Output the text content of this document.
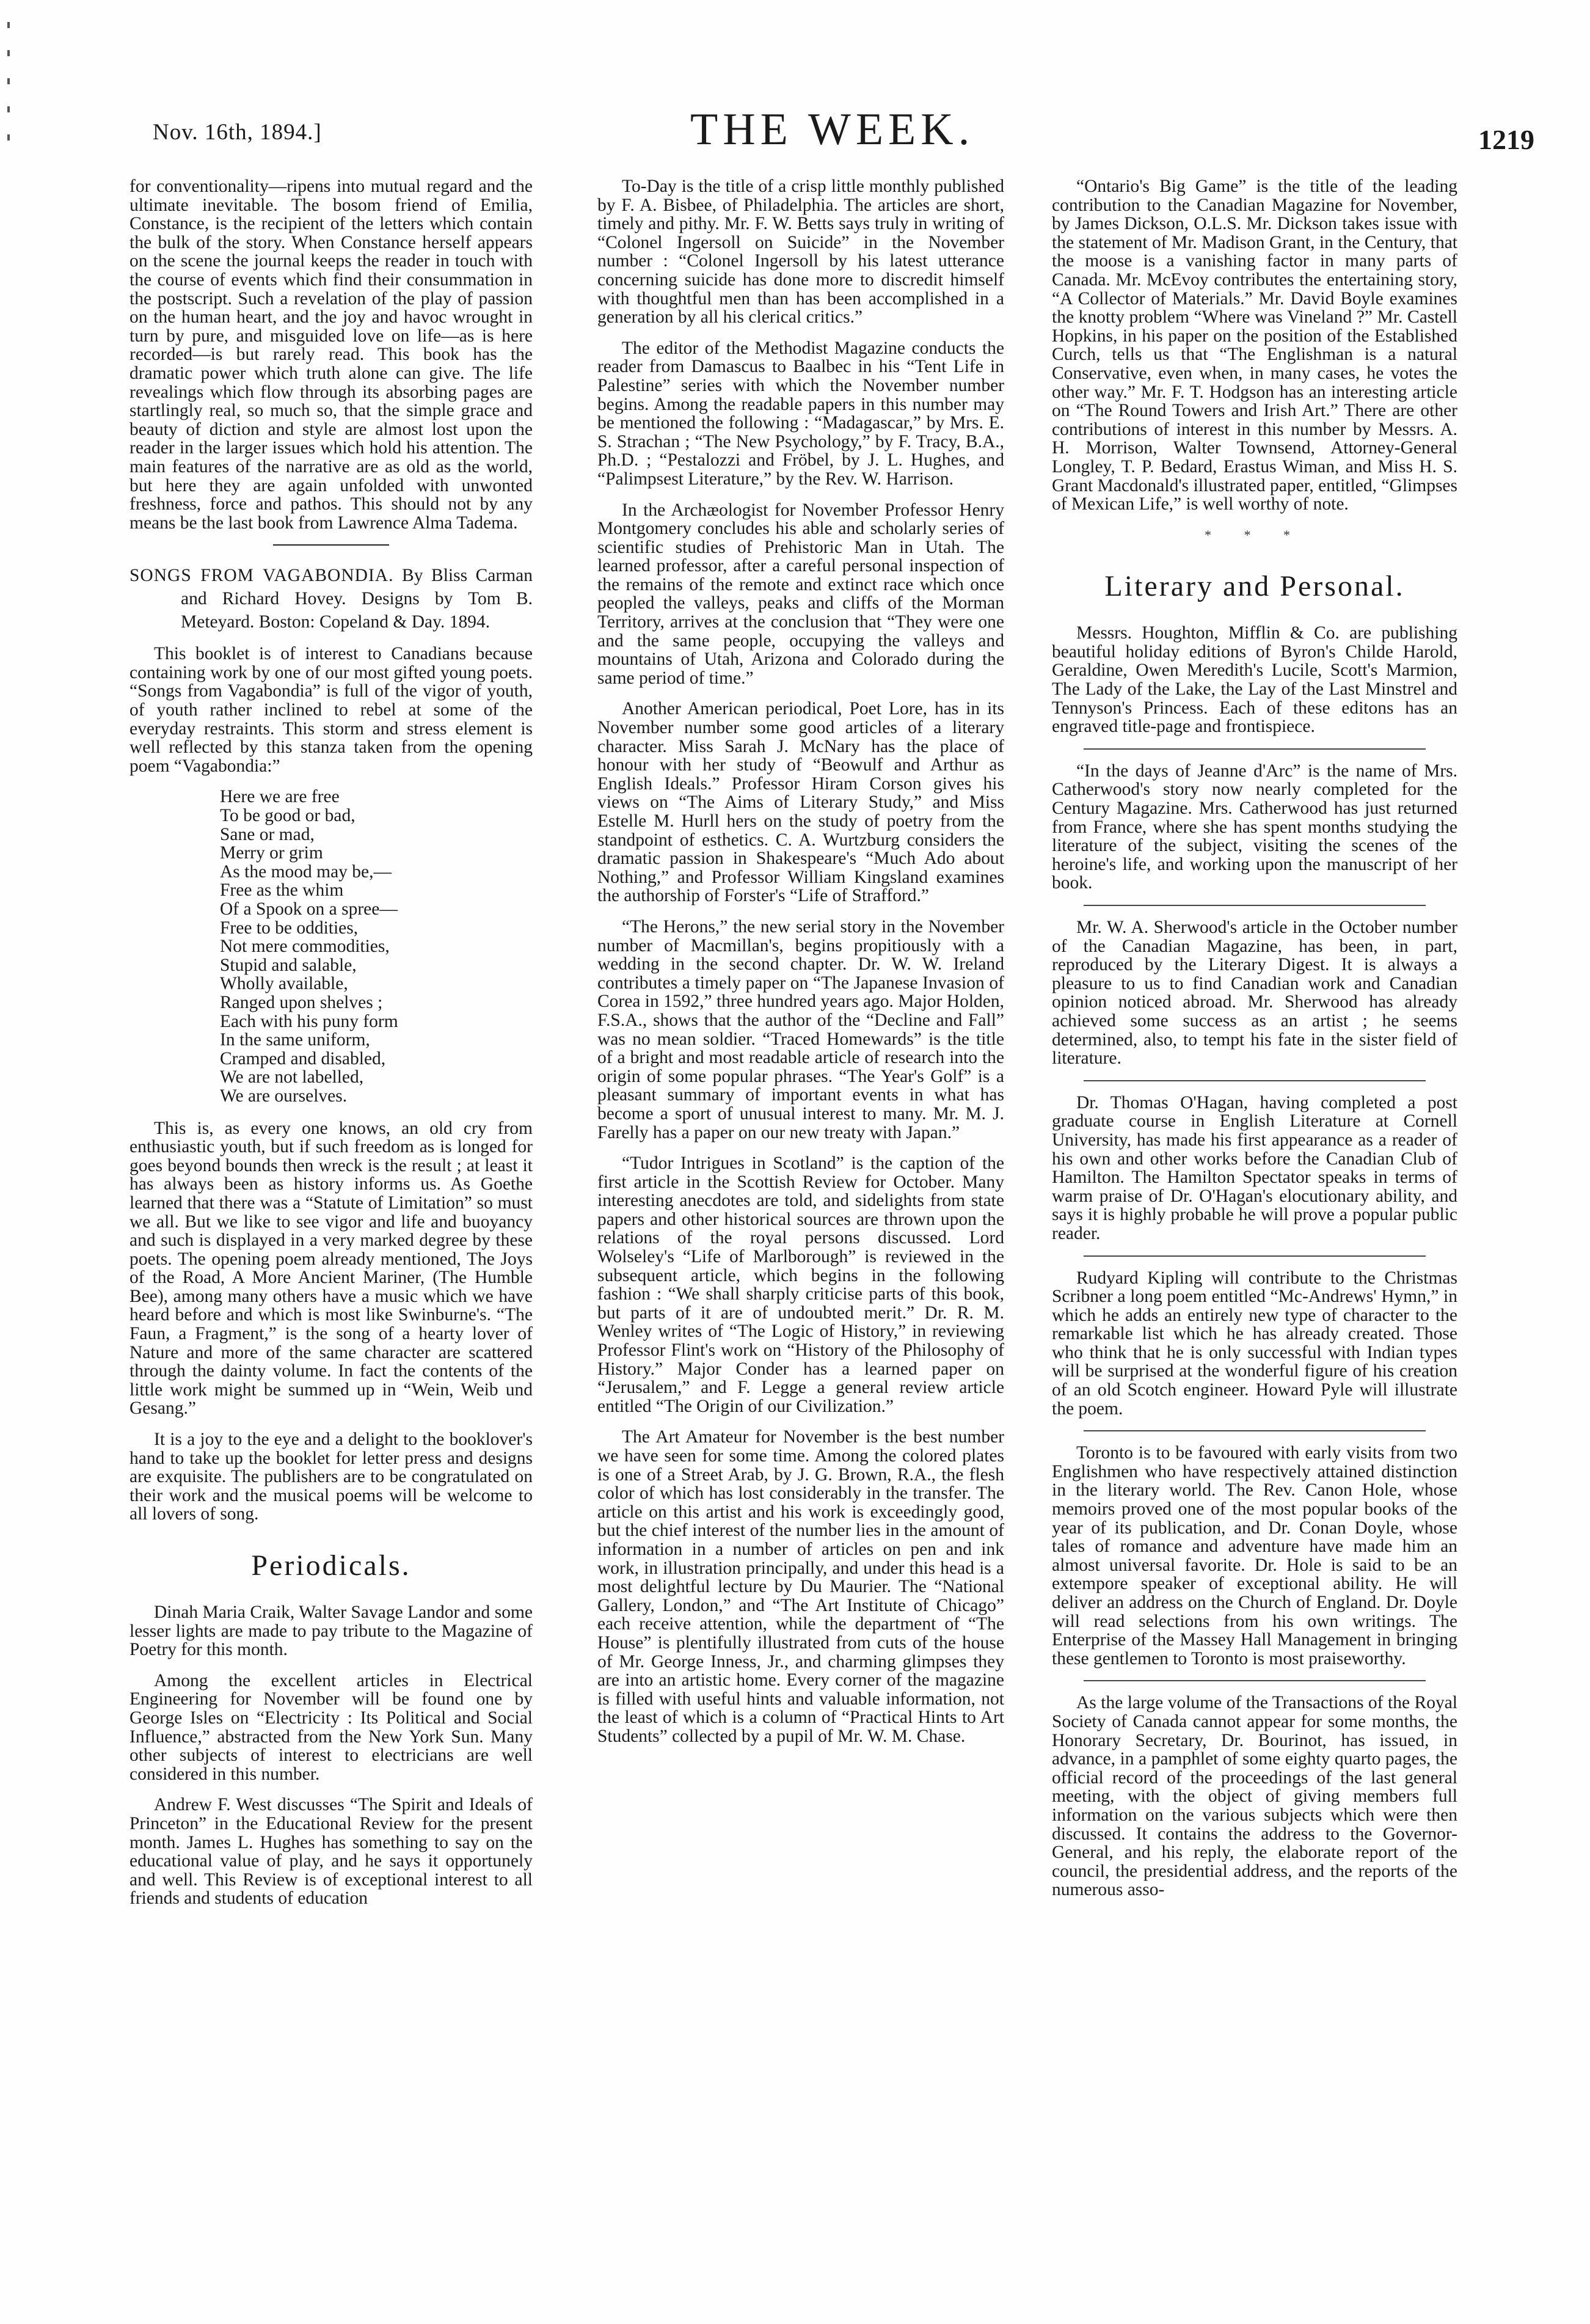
Nov. 16th, 1894.]	THE WEEK.	1219

for conventionality—ripens into mutual regard and the ultimate inevitable. The bosom friend of Emilia, Constance, is the recipient of the letters which contain the bulk of the story. When Constance herself appears on the scene the journal keeps the reader in touch with the course of events which find their consummation in the postscript. Such a revelation of the play of passion on the human heart, and the joy and havoc wrought in turn by pure, and misguided love on life—as is here recorded—is but rarely read. This book has the dramatic power which truth alone can give. The life revealings which flow through its absorbing pages are startlingly real, so much so, that the simple grace and beauty of diction and style are almost lost upon the reader in the larger issues which hold his attention. The main features of the narrative are as old as the world, but here they are again unfolded with unwonted freshness, force and pathos. This should not by any means be the last book from Lawrence Alma Tadema.

SONGS FROM VAGABONDIA. By Bliss Carman and Richard Hovey. Designs by Tom B. Meteyard. Boston: Copeland & Day. 1894.

This booklet is of interest to Canadians because containing work by one of our most gifted young poets. “Songs from Vagabondia” is full of the vigor of youth, of youth rather inclined to rebel at some of the everyday restraints. This storm and stress element is well reflected by this stanza taken from the opening poem “Vagabondia:”

Here we are free
To be good or bad,
Sane or mad,
Merry or grim
As the mood may be,—
Free as the whim
Of a Spook on a spree—
Free to be oddities,
Not mere commodities,
Stupid and salable,
Wholly available,
Ranged upon shelves ;
Each with his puny form
In the same uniform,
Cramped and disabled,
We are not labelled,
We are ourselves.

This is, as every one knows, an old cry from enthusiastic youth, but if such freedom as is longed for goes beyond bounds then wreck is the result ; at least it has always been as history informs us. As Goethe learned that there was a “Statute of Limitation” so must we all. But we like to see vigor and life and buoyancy and such is displayed in a very marked degree by these poets. The opening poem already mentioned, The Joys of the Road, A More Ancient Mariner, (The Humble Bee), among many others have a music which we have heard before and which is most like Swinburne's. “The Faun, a Fragment,” is the song of a hearty lover of Nature and more of the same character are scattered through the dainty volume. In fact the contents of the little work might be summed up in “Wein, Weib und Gesang.”

It is a joy to the eye and a delight to the booklover's hand to take up the booklet for letter press and designs are exquisite. The publishers are to be congratulated on their work and the musical poems will be welcome to all lovers of song.

Periodicals.

Dinah Maria Craik, Walter Savage Landor and some lesser lights are made to pay tribute to the Magazine of Poetry for this month.

Among the excellent articles in Electrical Engineering for November will be found one by George Isles on “Electricity : Its Political and Social Influence,” abstracted from the New York Sun. Many other subjects of interest to electricians are well considered in this number.

Andrew F. West discusses “The Spirit and Ideals of Princeton” in the Educational Review for the present month. James L. Hughes has something to say on the educational value of play, and he says it opportunely and well. This Review is of exceptional interest to all friends and students of education

To-Day is the title of a crisp little monthly published by F. A. Bisbee, of Philadelphia. The articles are short, timely and pithy. Mr. F. W. Betts says truly in writing of “Colonel Ingersoll on Suicide” in the November number : “Colonel Ingersoll by his latest utterance concerning suicide has done more to discredit himself with thoughtful men than has been accomplished in a generation by all his clerical critics.”

The editor of the Methodist Magazine conducts the reader from Damascus to Baalbec in his “Tent Life in Palestine” series with which the November number begins. Among the readable papers in this number may be mentioned the following : “Madagascar,” by Mrs. E. S. Strachan ; “The New Psychology,” by F. Tracy, B.A., Ph.D. ; “Pestalozzi and Fröbel, by J. L. Hughes, and “Palimpsest Literature,” by the Rev. W. Harrison.

In the Archæologist for November Professor Henry Montgomery concludes his able and scholarly series of scientific studies of Prehistoric Man in Utah. The learned professor, after a careful personal inspection of the remains of the remote and extinct race which once peopled the valleys, peaks and cliffs of the Morman Territory, arrives at the conclusion that “They were one and the same people, occupying the valleys and mountains of Utah, Arizona and Colorado during the same period of time.”

Another American periodical, Poet Lore, has in its November number some good articles of a literary character. Miss Sarah J. McNary has the place of honour with her study of “Beowulf and Arthur as English Ideals.” Professor Hiram Corson gives his views on “The Aims of Literary Study,” and Miss Estelle M. Hurll hers on the study of poetry from the standpoint of esthetics. C. A. Wurtzburg considers the dramatic passion in Shakespeare's “Much Ado about Nothing,” and Professor William Kingsland examines the authorship of Forster's “Life of Strafford.”

“The Herons,” the new serial story in the November number of Macmillan's, begins propitiously with a wedding in the second chapter. Dr. W. W. Ireland contributes a timely paper on “The Japanese Invasion of Corea in 1592,” three hundred years ago. Major Holden, F.S.A., shows that the author of the “Decline and Fall” was no mean soldier. “Traced Homewards” is the title of a bright and most readable article of research into the origin of some popular phrases. “The Year's Golf” is a pleasant summary of important events in what has become a sport of unusual interest to many. Mr. M. J. Farelly has a paper on our new treaty with Japan.”

“Tudor Intrigues in Scotland” is the caption of the first article in the Scottish Review for October. Many interesting anecdotes are told, and sidelights from state papers and other historical sources are thrown upon the relations of the royal persons discussed. Lord Wolseley's “Life of Marlborough” is reviewed in the subsequent article, which begins in the following fashion : “We shall sharply criticise parts of this book, but parts of it are of undoubted merit.” Dr. R. M. Wenley writes of “The Logic of History,” in reviewing Professor Flint's work on “History of the Philosophy of History.” Major Conder has a learned paper on “Jerusalem,” and F. Legge a general review article entitled “The Origin of our Civilization.”

The Art Amateur for November is the best number we have seen for some time. Among the colored plates is one of a Street Arab, by J. G. Brown, R.A., the flesh color of which has lost considerably in the transfer. The article on this artist and his work is exceedingly good, but the chief interest of the number lies in the amount of information in a number of articles on pen and ink work, in illustration principally, and under this head is a most delightful lecture by Du Maurier. The “National Gallery, London,” and “The Art Institute of Chicago” each receive attention, while the department of “The House” is plentifully illustrated from cuts of the house of Mr. George Inness, Jr., and charming glimpses they are into an artistic home. Every corner of the magazine is filled with useful hints and valuable information, not the least of which is a column of “Practical Hints to Art Students” collected by a pupil of Mr. W. M. Chase.

“Ontario's Big Game” is the title of the leading contribution to the Canadian Magazine for November, by James Dickson, O.L.S. Mr. Dickson takes issue with the statement of Mr. Madison Grant, in the Century, that the moose is a vanishing factor in many parts of Canada. Mr. McEvoy contributes the entertaining story, “A Collector of Materials.” Mr. David Boyle examines the knotty problem “Where was Vineland ?” Mr. Castell Hopkins, in his paper on the position of the Established Curch, tells us that “The Englishman is a natural Conservative, even when, in many cases, he votes the other way.” Mr. F. T. Hodgson has an interesting article on “The Round Towers and Irish Art.” There are other contributions of interest in this number by Messrs. A. H. Morrison, Walter Townsend, Attorney-General Longley, T. P. Bedard, Erastus Wiman, and Miss H. S. Grant Macdonald's illustrated paper, entitled, “Glimpses of Mexican Life,” is well worthy of note.

* * *
Literary and Personal.

Messrs. Houghton, Mifflin & Co. are publishing beautiful holiday editions of Byron's Childe Harold, Geraldine, Owen Meredith's Lucile, Scott's Marmion, The Lady of the Lake, the Lay of the Last Minstrel and Tennyson's Princess. Each of these editons has an engraved title-page and frontispiece.

“In the days of Jeanne d'Arc” is the name of Mrs. Catherwood's story now nearly completed for the Century Magazine. Mrs. Catherwood has just returned from France, where she has spent months studying the literature of the subject, visiting the scenes of the heroine's life, and working upon the manuscript of her book.

Mr. W. A. Sherwood's article in the October number of the Canadian Magazine, has been, in part, reproduced by the Literary Digest. It is always a pleasure to us to find Canadian work and Canadian opinion noticed abroad. Mr. Sherwood has already achieved some success as an artist ; he seems determined, also, to tempt his fate in the sister field of literature.

Dr. Thomas O'Hagan, having completed a post graduate course in English Literature at Cornell University, has made his first appearance as a reader of his own and other works before the Canadian Club of Hamilton. The Hamilton Spectator speaks in terms of warm praise of Dr. O'Hagan's elocutionary ability, and says it is highly probable he will prove a popular public reader.

Rudyard Kipling will contribute to the Christmas Scribner a long poem entitled “Mc-Andrews' Hymn,” in which he adds an entirely new type of character to the remarkable list which he has already created. Those who think that he is only successful with Indian types will be surprised at the wonderful figure of his creation of an old Scotch engineer. Howard Pyle will illustrate the poem.

Toronto is to be favoured with early visits from two Englishmen who have respectively attained distinction in the literary world. The Rev. Canon Hole, whose memoirs proved one of the most popular books of the year of its publication, and Dr. Conan Doyle, whose tales of romance and adventure have made him an almost universal favorite. Dr. Hole is said to be an extempore speaker of exceptional ability. He will deliver an address on the Church of England. Dr. Doyle will read selections from his own writings. The Enterprise of the Massey Hall Management in bringing these gentlemen to Toronto is most praiseworthy.

As the large volume of the Transactions of the Royal Society of Canada cannot appear for some months, the Honorary Secretary, Dr. Bourinot, has issued, in advance, in a pamphlet of some eighty quarto pages, the official record of the proceedings of the last general meeting, with the object of giving members full information on the various subjects which were then discussed. It contains the address to the Governor-General, and his reply, the elaborate report of the council, the presidential address, and the reports of the numerous asso-
